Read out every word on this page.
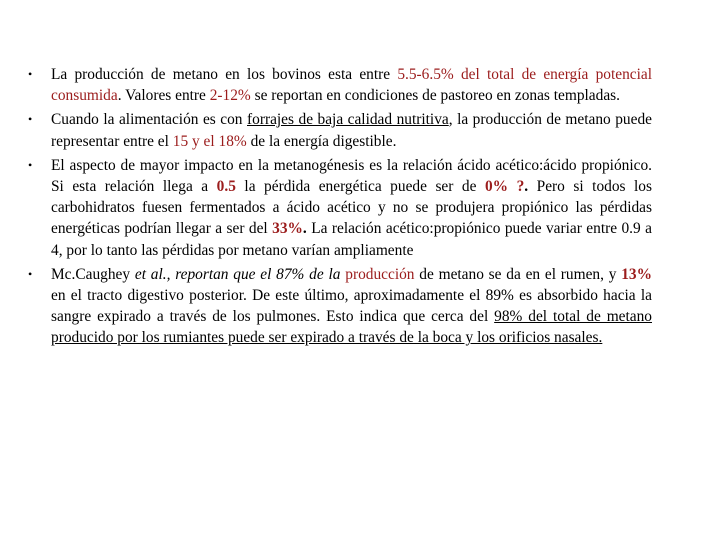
• La producción de metano en los bovinos esta entre 5.5-6.5% del total de energía potencial consumida. Valores entre 2-12% se reportan en condiciones de pastoreo en zonas templadas.
• Cuando la alimentación es con forrajes de baja calidad nutritiva, la producción de metano puede representar entre el 15 y el 18% de la energía digestible.
• El aspecto de mayor impacto en la metanogénesis es la relación ácido acético:ácido propiónico. Si esta relación llega a 0.5 la pérdida energética puede ser de 0% ?. Pero si todos los carbohidratos fuesen fermentados a ácido acético y no se produjera propiónico las pérdidas energéticas podrían llegar a ser del 33%. La relación acético:propiónico puede variar entre 0.9 a 4, por lo tanto las pérdidas por metano varían ampliamente
• Mc.Caughey et al., reportan que el 87% de la producción de metano se da en el rumen, y 13% en el tracto digestivo posterior. De este último, aproximadamente el 89% es absorbido hacia la sangre expirado a través de los pulmones. Esto indica que cerca del 98% del total de metano producido por los rumiantes puede ser expirado a través de la boca y los orificios nasales.
